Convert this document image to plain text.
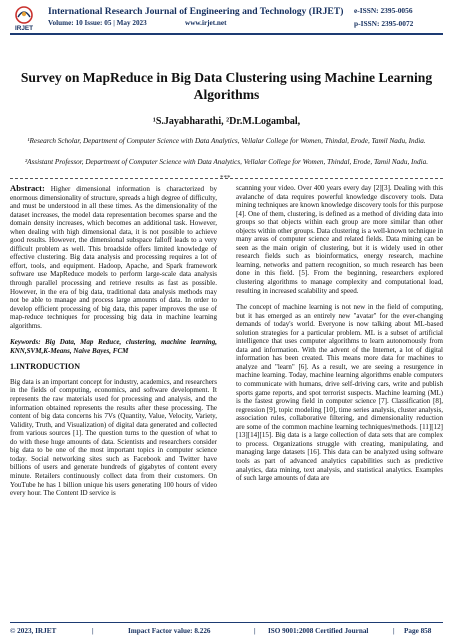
IRJET
International Research Journal of Engineering and Technology (IRJET)
Volume: 10 Issue: 05 | May 2023	www.irjet.net
e-ISSN: 2395-0056
p-ISSN: 2395-0072
Survey on MapReduce in Big Data Clustering using Machine Learning Algorithms
¹S.Jayabharathi, ²Dr.M.Logambal,
¹Research Scholar, Department of Computer Science with Data Analytics, Vellalar College for Women, Thindal, Erode, Tamil Nadu, India.
²Assistant Professor, Department of Computer Science with Data Analytics, Vellalar College for Women, Thindal, Erode, Tamil Nadu, India.
***

Abstract: Higher dimensional information is characterized by enormous dimensionality of structure, spreads a high degree of difficulty, and must be understood in all these times. As the dimensionality of the dataset increases, the model data representation becomes sparse and the domain density increases, which becomes an additional task. However, when dealing with high dimensional data, it is not possible to achieve good results. However, the dimensional subspace falloff leads to a very difficult problem as well. This broadside offers limited knowledge of effective clustering. Big data analysis and processing requires a lot of effort, tools, and equipment. Hadoop, Apache, and Spark framework software use MapReduce models to perform large-scale data analysis through parallel processing and retrieve results as fast as possible. However, in the era of big data, traditional data analysis methods may not be able to manage and process large amounts of data. In order to develop efficient processing of big data, this paper improves the use of map-reduce techniques for processing big data in machine learning algorithms.

Keywords: Big Data, Map Reduce, clustering, machine learning, KNN,SVM,K-Means, Naive Bayes, FCM

1.INTRODUCTION

Big data is an important concept for industry, academics, and researchers in the fields of computing, economics, and software development. It represents the raw materials used for processing and analysis, and the information obtained represents the results after these processing. The content of big data concerns his 7Vs (Quantity, Value, Velocity, Variety, Validity, Truth, and Visualization) of digital data generated and collected from various sources [1]. The question turns to the question of what to do with these huge amounts of data. Scientists and researchers consider big data to be one of the most important topics in computer science today. Social networking sites such as Facebook and Twitter have billions of users and generate hundreds of gigabytes of content every minute. Retailers continuously collect data from their customers. On YouTube he has 1 billion unique his users generating 100 hours of video every hour. The Content ID service is

scanning your video. Over 400 years every day [2][3]. Dealing with this avalanche of data requires powerful knowledge discovery tools. Data mining techniques are known knowledge discovery tools for this purpose [4]. One of them, clustering, is defined as a method of dividing data into groups so that objects within each group are more similar than other objects within other groups. Data clustering is a well-known technique in many areas of computer science and related fields. Data mining can be seen as the main origin of clustering, but it is widely used in other research fields such as bioinformatics, energy research, machine learning, networks and pattern recognition, so much research has been done in this field. [5]. From the beginning, researchers explored clustering algorithms to manage complexity and computational load, resulting in increased scalability and speed.

The concept of machine learning is not new in the field of computing, but it has emerged as an entirely new "avatar" for the ever-changing demands of today's world. Everyone is now talking about ML-based solution strategies for a particular problem. ML is a subset of artificial intelligence that uses computer algorithms to learn autonomously from data and information. With the advent of the Internet, a lot of digital information has been created. This means more data for machines to analyze and "learn" [6]. As a result, we are seeing a resurgence in machine learning. Today, machine learning algorithms enable computers to communicate with humans, drive self-driving cars, write and publish sports game reports, and spot terrorist suspects. Machine learning (ML) is the fastest growing field in computer science [7]. Classification [8], regression [9], topic modeling [10], time series analysis, cluster analysis, association rules, collaborative filtering, and dimensionality reduction are some of the common machine learning techniques/methods. [11][12][13][14][15]. Big data is a large collection of data sets that are complex to process. Organizations struggle with creating, manipulating, and managing large datasets [16]. This data can be analyzed using software tools as part of advanced analytics capabilities such as predictive analytics, data mining, text analysis, and statistical analytics. Examples of such large amounts of data are

© 2023, IRJET	|	Impact Factor value: 8.226	| ISO 9001:2008 Certified Journal	| Page 858
